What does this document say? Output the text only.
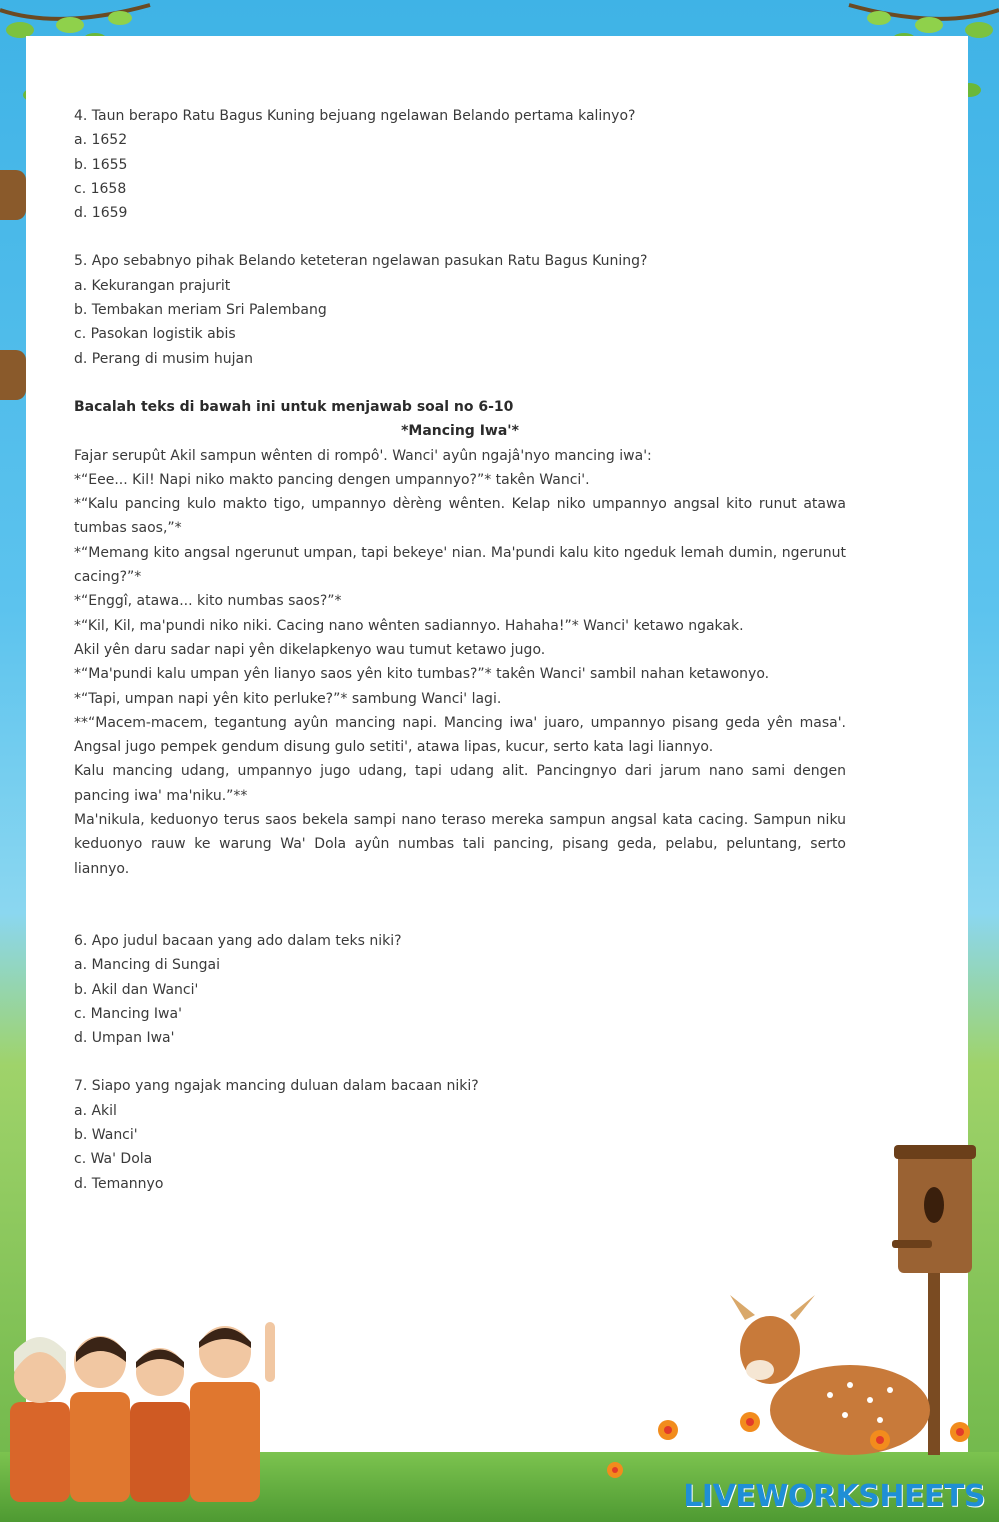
4. Taun berapo Ratu Bagus Kuning bejuang ngelawan Belando pertama kalinyo?

a. 1652

b. 1655

c. 1658

d. 1659

5. Apo sebabnyo pihak Belando keteteran ngelawan pasukan Ratu Bagus Kuning?

a. Kekurangan prajurit

b. Tembakan meriam Sri Palembang

c. Pasokan logistik abis

d. Perang di musim hujan

Bacalah teks di bawah ini untuk menjawab soal no 6-10

*Mancing Iwa'*

Fajar serupût Akil sampun wênten di rompô'. Wanci' ayûn ngajâ'nyo mancing iwa':

*“Eee... Kil! Napi niko makto pancing dengen umpannyo?”* takên Wanci'.

*“Kalu pancing kulo makto tigo, umpannyo dèrèng wênten. Kelap niko umpannyo angsal kito runut atawa tumbas saos,”*

*“Memang kito angsal ngerunut umpan, tapi bekeye' nian. Ma'pundi kalu kito ngeduk lemah dumin, ngerunut cacing?”*

*“Enggî, atawa... kito numbas saos?”*

*“Kil, Kil, ma'pundi niko niki. Cacing nano wênten sadiannyo. Hahaha!”* Wanci' ketawo ngakak.

Akil yên daru sadar napi yên dikelapkenyo wau tumut ketawo jugo.

*“Ma'pundi kalu umpan yên lianyo saos yên kito tumbas?”* takên Wanci' sambil nahan ketawonyo.

*“Tapi, umpan napi yên kito perluke?”* sambung Wanci' lagi.

**“Macem-macem, tegantung ayûn mancing napi. Mancing iwa' juaro, umpannyo pisang geda yên masa'. Angsal jugo pempek gendum disung gulo setiti', atawa lipas, kucur, serto kata lagi liannyo.

Kalu mancing udang, umpannyo jugo udang, tapi udang alit. Pancingnyo dari jarum nano sami dengen pancing iwa' ma'niku.”**

Ma'nikula, keduonyo terus saos bekela sampi nano teraso mereka sampun angsal kata cacing. Sampun niku keduonyo rauw ke warung Wa' Dola ayûn numbas tali pancing, pisang geda, pelabu, peluntang, serto liannyo.

6. Apo judul bacaan yang ado dalam teks niki?

a. Mancing di Sungai

b. Akil dan Wanci'

c. Mancing Iwa'

d. Umpan Iwa'

7. Siapo yang ngajak mancing duluan dalam bacaan niki?

a. Akil

b. Wanci'

c. Wa' Dola

d. Temannyo

LIVEWORKSHEETS
